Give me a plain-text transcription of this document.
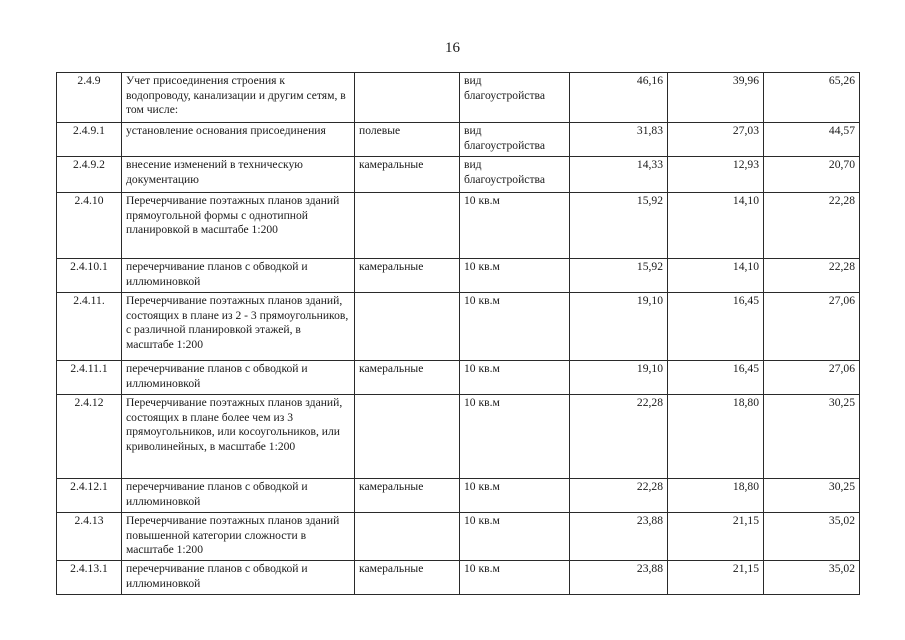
16
2.4.9	Учет присоединения строения к водопроводу, канализации и другим сетям, в том числе:		вид благоустройства	46,16	39,96	65,26
2.4.9.1	установление основания присоединения	полевые	вид благоустройства	31,83	27,03	44,57
2.4.9.2	внесение изменений в техническую документацию	камеральные	вид благоустройства	14,33	12,93	20,70
2.4.10	Перечерчивание поэтажных планов зданий прямоугольной формы с однотипной планировкой в масштабе 1:200		10 кв.м	15,92	14,10	22,28
2.4.10.1	перечерчивание планов с обводкой и иллюминовкой	камеральные	10 кв.м	15,92	14,10	22,28
2.4.11.	Перечерчивание поэтажных планов зданий, состоящих в плане из 2 - 3 прямоугольников, с различной планировкой этажей, в масштабе 1:200		10 кв.м	19,10	16,45	27,06
2.4.11.1	перечерчивание планов с обводкой и иллюминовкой	камеральные	10 кв.м	19,10	16,45	27,06
2.4.12	Перечерчивание поэтажных планов зданий, состоящих в плане более чем из 3 прямоугольников, или косоугольников, или криволинейных, в масштабе 1:200		10 кв.м	22,28	18,80	30,25
2.4.12.1	перечерчивание планов с обводкой и иллюминовкой	камеральные	10 кв.м	22,28	18,80	30,25
2.4.13	Перечерчивание поэтажных планов зданий повышенной категории сложности в масштабе 1:200		10 кв.м	23,88	21,15	35,02
2.4.13.1	перечерчивание планов с обводкой и иллюминовкой	камеральные	10 кв.м	23,88	21,15	35,02
